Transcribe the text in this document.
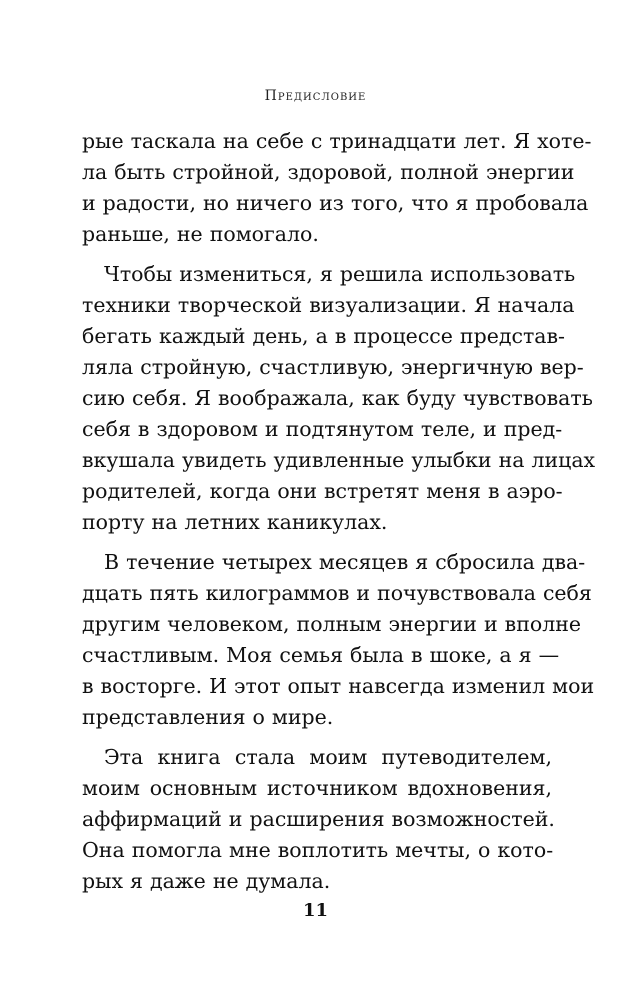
Предисловие
рые таскала на себе с тринадцати лет. Я хоте-
ла быть стройной, здоровой, полной энергии
и радости, но ничего из того, что я пробовала
раньше, не помогало.
Чтобы измениться, я решила использовать
техники творческой визуализации. Я начала
бегать каждый день, а в процессе представ-
ляла стройную, счастливую, энергичную вер-
сию себя. Я воображала, как буду чувствовать
себя в здоровом и подтянутом теле, и пред-
вкушала увидеть удивленные улыбки на лицах
родителей, когда они встретят меня в аэро-
порту на летних каникулах.
В течение четырех месяцев я сбросила два-
дцать пять килограммов и почувствовала себя
другим человеком, полным энергии и вполне
счастливым. Моя семья была в шоке, а я —
в восторге. И этот опыт навсегда изменил мои
представления о мире.
Эта книга стала моим путеводителем,
моим основным источником вдохновения,
аффирмаций и расширения возможностей.
Она помогла мне воплотить мечты, о кото-
рых я даже не думала.
11
